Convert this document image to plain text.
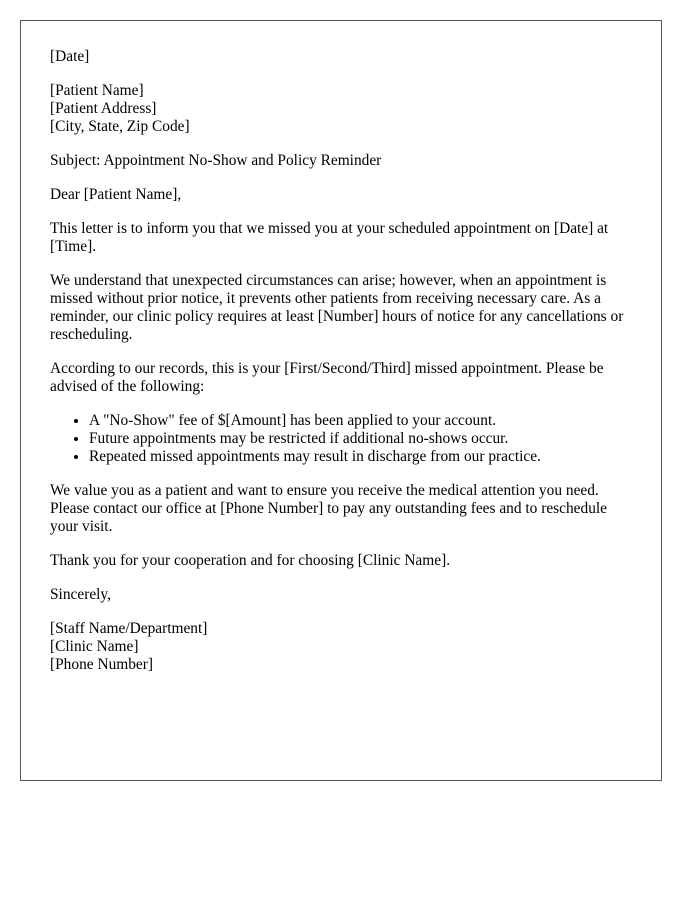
[Date]
[Patient Name]
[Patient Address]
[City, State, Zip Code]

Subject: Appointment No-Show and Policy Reminder

Dear [Patient Name],

This letter is to inform you that we missed you at your scheduled appointment on [Date] at [Time].

We understand that unexpected circumstances can arise; however, when an appointment is missed without prior notice, it prevents other patients from receiving necessary care. As a reminder, our clinic policy requires at least [Number] hours of notice for any cancellations or rescheduling.

According to our records, this is your [First/Second/Third] missed appointment. Please be advised of the following:

• A "No-Show" fee of $[Amount] has been applied to your account.
• Future appointments may be restricted if additional no-shows occur.
• Repeated missed appointments may result in discharge from our practice.

We value you as a patient and want to ensure you receive the medical attention you need. Please contact our office at [Phone Number] to pay any outstanding fees and to reschedule your visit.

Thank you for your cooperation and for choosing [Clinic Name].

Sincerely,

[Staff Name/Department]
[Clinic Name]
[Phone Number]
